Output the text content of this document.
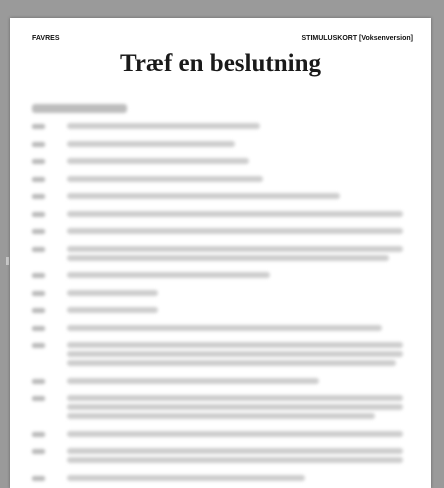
FAVRES	STIMULUSKORT [Voksenversion]
Træf en beslutning
